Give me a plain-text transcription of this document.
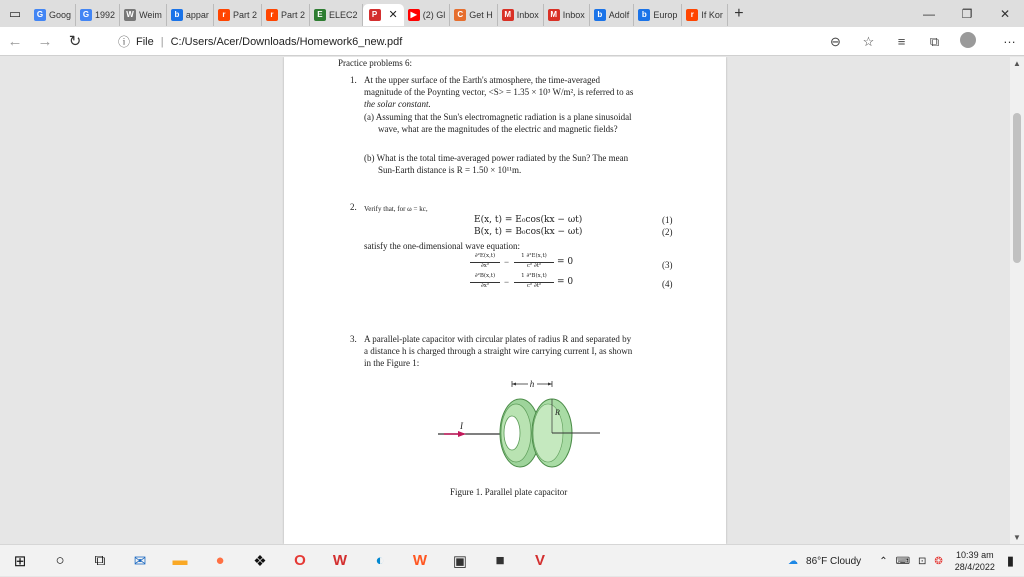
▭	G Goog	G 1992 W Weim	b appar	r Part 2	r Part 2	E ELEC2	P	✕	▶ (2) Gl	C Get H	M Inbox	M Inbox	b Adolf	b Europ	r If Kor +	—	❐	✕
←	→	↻	ⓘ File | C:/Users/Acer/Downloads/Homework6_new.pdf	⊖	☆	≡	⧉	…
Practice problems 6:
1. At the upper surface of the Earth's atmosphere, the time-averaged
magnitude of the Poynting vector, <S> = 1.35 × 10³ W/m², is referred to as
the solar constant.
(a) Assuming that the Sun's electromagnetic radiation is a plane sinusoidal
wave, what are the magnitudes of the electric and magnetic fields?
(b) What is the total time-averaged power radiated by the Sun? The mean
Sun-Earth distance is R = 1.50 × 10¹¹m.
2. Verify that, for ω = kc,
E(x, t) = E₀cos(kx − ωt)	(1)
B(x, t) = B₀cos(kx − ωt)	(2)
satisfy the one-dimensional wave equation:
∂²E(x,t)
∂x²	−
1 ∂²E(x,t)
c² ∂t²	= 0	(3)
∂²B(x,t)
∂x²	−
1 ∂²B(x,t)
c² ∂t²	= 0	(4)
3. A parallel-plate capacitor with circular plates of radius R and separated by
a distance h is charged through a straight wire carrying current I, as shown
in the Figure 1:
h
I
R
Figure 1. Parallel plate capacitor
▲
▼
⊞	○	⧉	✉	▬	●	❖	O	W	◐	W	▣	■	V	☁ 86°F Cloudy	⌃ ⌨ ⊡ ❂
10:39 am
28/4/2022 ▮
